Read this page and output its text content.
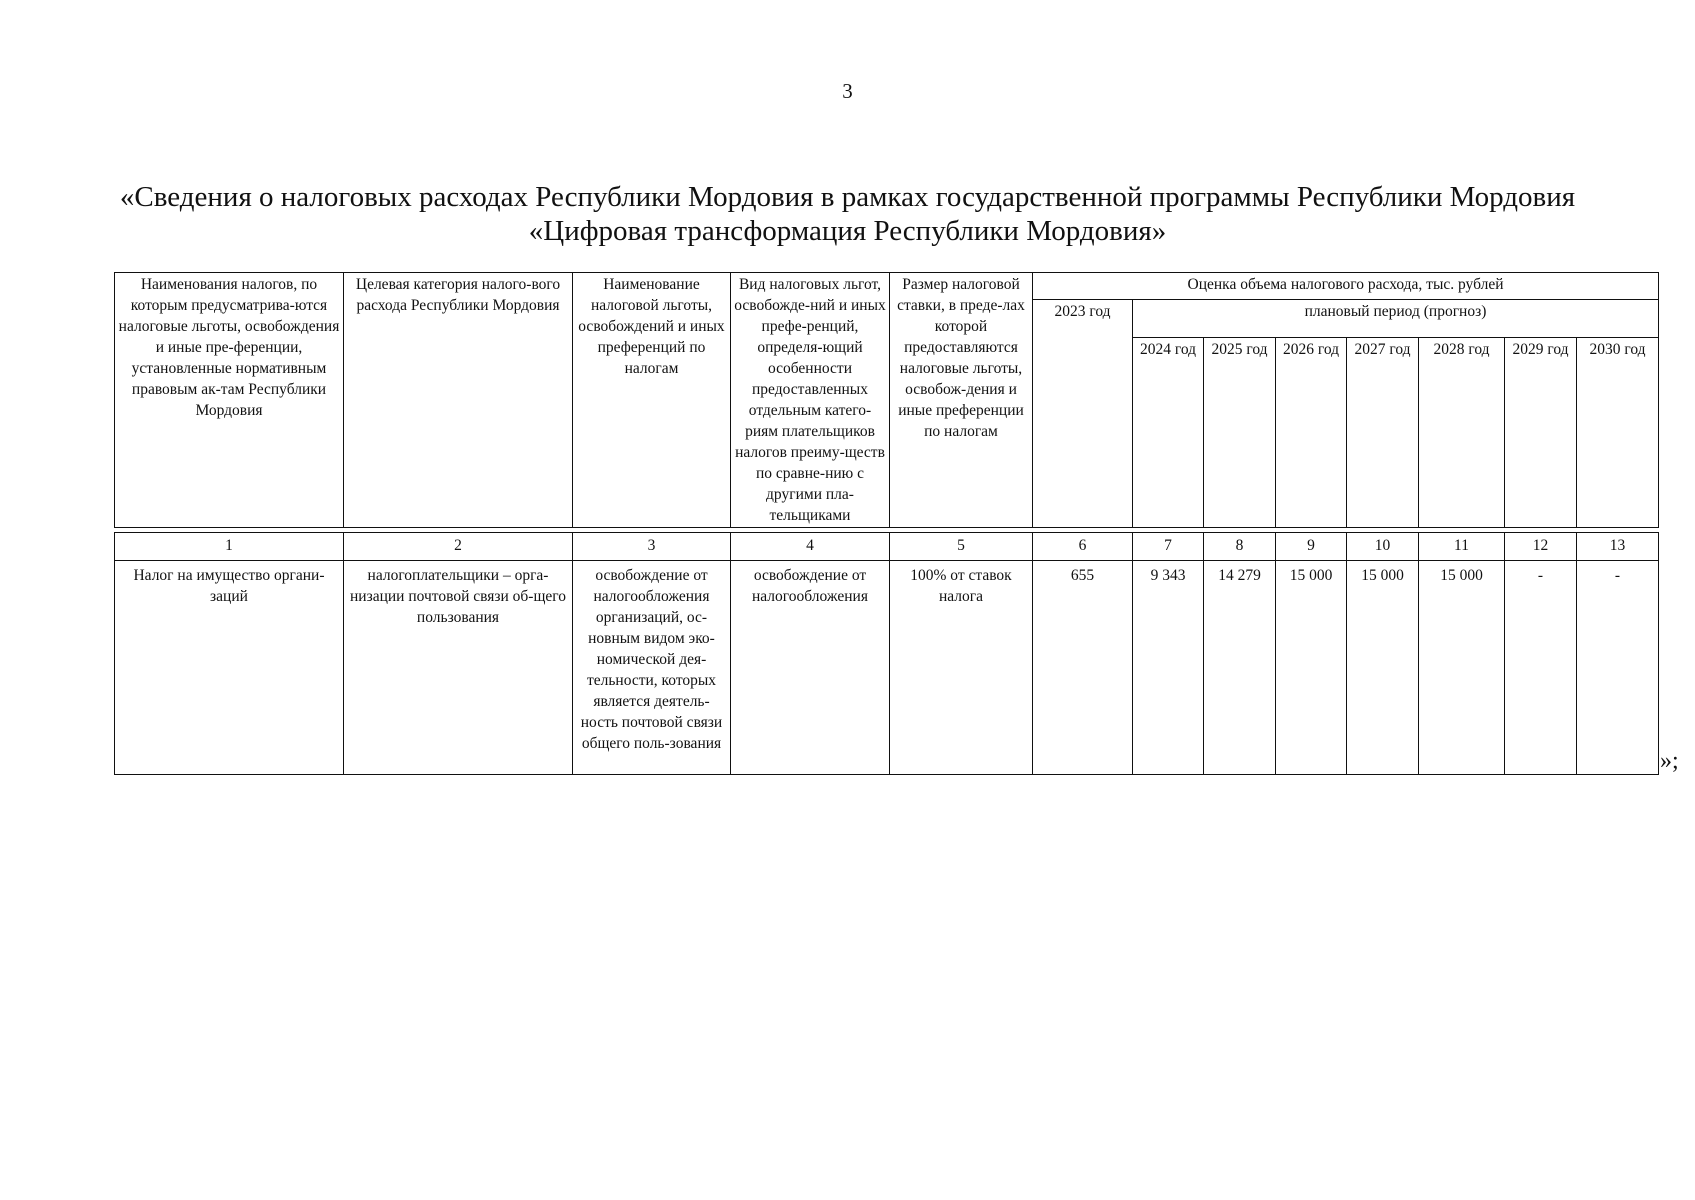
3
«Сведения о налоговых расходах Республики Мордовия в рамках государственной программы Республики Мордовия
«Цифровая трансформация Республики Мордовия»
Наименования налогов, по которым предусматрива-ются налоговые льготы, освобождения и иные пре-ференции, установленные нормативным правовым ак-там Республики Мордовия	Целевая категория налого-вого расхода Республики Мордовия	Наименование налоговой льготы, освобождений и иных преференций по налогам	Вид налоговых льгот, освобожде-ний и иных префе-ренций, определя-ющий особенности предоставленных отдельным катего-риям плательщиков налогов преиму-ществ по сравне-нию с другими пла-тельщиками	Размер налоговой ставки, в преде-лах которой предоставляются налоговые льготы, освобож-дения и иные преференции по налогам	Оценка объема налогового расхода, тыс. рублей							
					2023 год	плановый период (прогноз)						
						2024 год	2025 год	2026 год	2027 год	2028 год	2029 год	2030 год

1	2	3	4	5	6	7	8	9	10	11	12	13
Налог на имущество органи-заций	налогоплательщики – орга-низации почтовой связи об-щего пользования	освобождение от налогообложения организаций, ос-новным видом эко-номической дея-тельности, которых является деятель-ность почтовой связи общего поль-зования	освобождение от налогообложения	100% от ставок налога	655	9 343	14 279	15 000	15 000	15 000	-	-
»;
